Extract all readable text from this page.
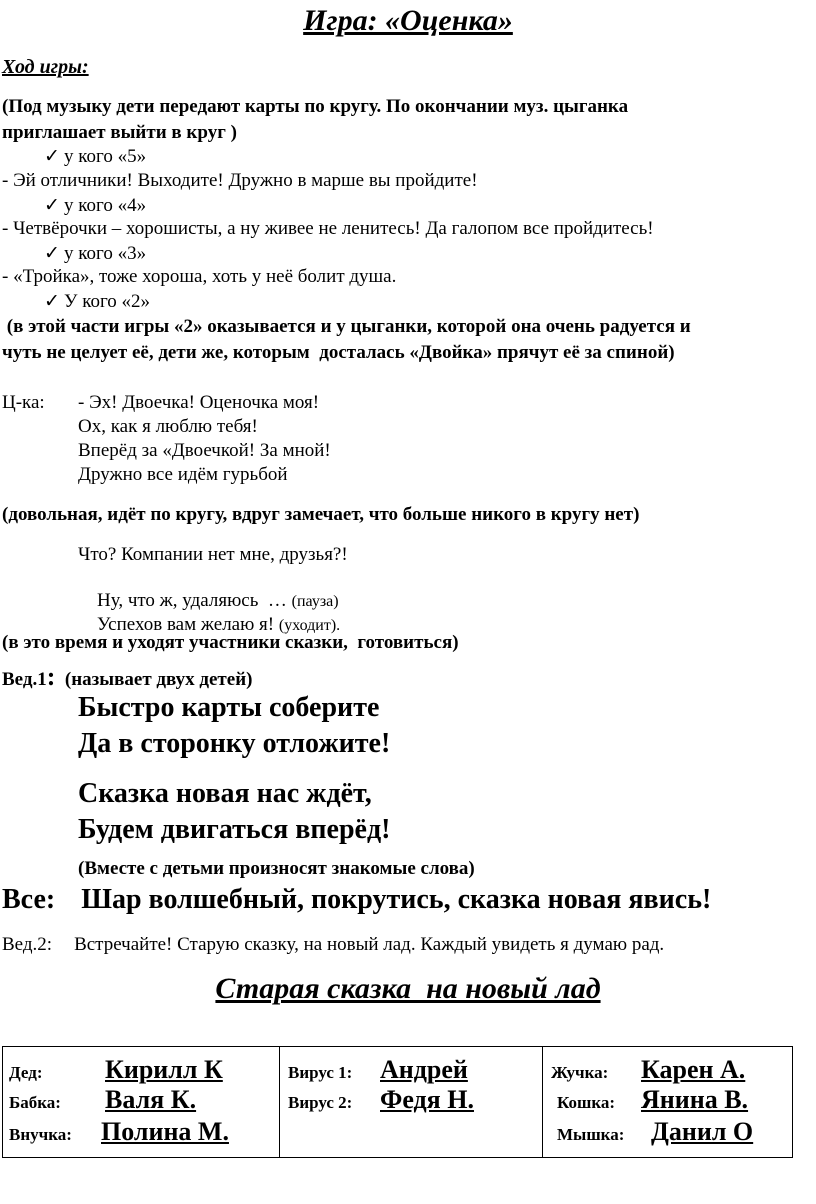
Игра: «Оценка»
Ход игры:
(Под музыку дети передают карты по кругу. По окончании муз. цыганка
приглашает выйти в круг )
✓ у кого «5»
- Эй отличники! Выходите! Дружно в марше вы пройдите!
✓ у кого «4»
- Четвёрочки – хорошисты, а ну живее не ленитесь! Да галопом все пройдитесь!
✓ у кого «3»
- «Тройка», тоже хороша, хоть у неё болит душа.
✓ У кого «2»
(в этой части игры «2» оказывается и у цыганки, которой она очень радуется и
чуть не целует её, дети же, которым  досталась «Двойка» прячут её за спиной)
Ц-ка: - Эх! Двоечка! Оценочка моя!
Ох, как я люблю тебя!
Вперёд за «Двоечкой! За мной!
Дружно все идём гурьбой
(довольная, идёт по кругу, вдруг замечает, что больше никого в кругу нет)
Что? Компании нет мне, друзья?!

Ну, что ж, удаляюсь  … (пауза)

Успехов вам желаю я! (уходит).

(в это время и уходят участники сказки,  готовиться)
Вед.1: (называет двух детей)
Быстро карты соберите
Да в сторонку отложите!
Сказка новая нас ждёт,
Будем двигаться вперёд!
(Вместе с детьми произносят знакомые слова)
Все: Шар волшебный, покрутись, сказка новая явись!
Вед.2: Встречайте! Старую сказку, на новый лад. Каждый увидеть я думаю рад.
Старая сказка  на новый лад
Дед: Кирилл К
Бабка: Валя К.
Внучка: Полина М.

Вирус 1: Андрей
Вирус 2: Федя Н.

Жучка: Карен А.
Кошка: Янина В.
Мышка: Данил О
